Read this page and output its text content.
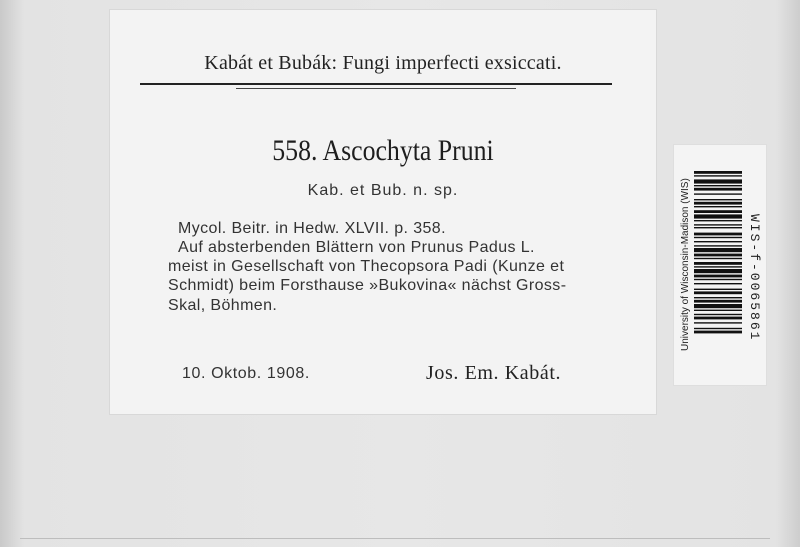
Kabát et Bubák: Fungi imperfecti exsiccati.
558. Ascochyta Pruni
Kab. et Bub. n. sp.
Mycol. Beitr. in Hedw. XLVII. p. 358.
Auf absterbenden Blättern von Prunus Padus L.
meist in Gesellschaft von Thecopsora Padi (Kunze et
Schmidt) beim Forsthause »Bukovina« nächst Gross-
Skal, Böhmen.
10. Oktob. 1908.	Jos. Em. Kabát.
University of Wisconsin-Madison (WIS)	WIS-f-0065861
